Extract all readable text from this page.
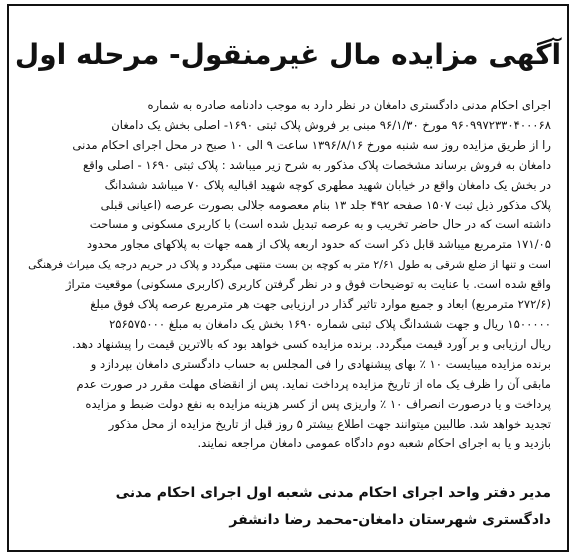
آگهی مزایده مال غیرمنقول- مرحله اول

اجرای احکام مدنی دادگستری دامغان در نظر دارد به موجب دادنامه صادره به شماره
۹۶۰۹۹۷۲۳۳۰۴۰۰۰۶۸ مورخ ۹۶/۱/۳۰ مبنی بر فروش پلاک ثبتی ۱۶۹۰- اصلی بخش یک دامغان
را از طریق مزایده روز سه شنبه مورخ ۱۳۹۶/۸/۱۶ ساعت ۹ الی ۱۰ صبح در محل اجرای احکام مدنی
دامغان به فروش برساند مشخصات پلاک مذکور به شرح زیر میباشد : پلاک ثبتی ۱۶۹۰ - اصلی واقع
در بخش یک دامغان واقع در خیابان شهید مطهری کوچه شهید اقبالیه پلاک ۷۰ میباشد ششدانگ
پلاک مذکور ذیل ثبت ۱۵۰۷ صفحه ۴۹۲ جلد ۱۳ بنام معصومه جلالی بصورت عرصه (اعیانی قبلی
داشته است که در حال حاضر تخریب و به عرصه تبدیل شده است) با کاربری مسکونی و مساحت
۱۷۱/۰۵ مترمربع میباشد قابل ذکر است که حدود اربعه پلاک از همه جهات به پلاکهای مجاور محدود
است و تنها از ضلع شرقی به طول ۲/۶۱ متر به کوچه بن بست منتهی میگردد و پلاک در حریم درجه یک میراث فرهنگی
واقع شده است. با عنایت به توضیحات فوق و در نظر گرفتن کاربری (کاربری مسکونی) موقعیت متراژ
(۲۷۲/۶ مترمربع) ابعاد و جمیع موارد تاثیر گذار در ارزیابی جهت هر مترمربع عرصه پلاک فوق مبلغ
۱۵۰۰۰۰۰ ریال و جهت ششدانگ پلاک ثبتی شماره ۱۶۹۰ بخش یک دامغان به مبلغ ۲۵۶۵۷۵۰۰۰
ریال ارزیابی و بر آورد قیمت میگردد. برنده مزایده کسی خواهد بود که بالاترین قیمت را پیشنهاد دهد.
برنده مزایده میبایست ۱۰ ٪ بهای پیشنهادی را فی المجلس به حساب دادگستری دامغان بپردازد و
مابقی آن را ظرف یک ماه از تاریخ مزایده پرداخت نماید. پس از انقضای مهلت مقرر در صورت عدم
پرداخت و یا درصورت انصراف ۱۰ ٪ واریزی پس از کسر هزینه مزایده به نفع دولت ضبط و مزایده
تجدید خواهد شد. طالبین میتوانند جهت اطلاع بیشتر ۵ روز قبل از تاریخ مزایده از محل مذکور
بازدید و یا به اجرای احکام شعبه دوم دادگاه عمومی دامغان مراجعه نمایند.

مدیر دفتر واحد اجرای احکام مدنی شعبه اول اجرای احکام مدنی
دادگستری شهرستان دامغان-محمد رضا دانشفر
